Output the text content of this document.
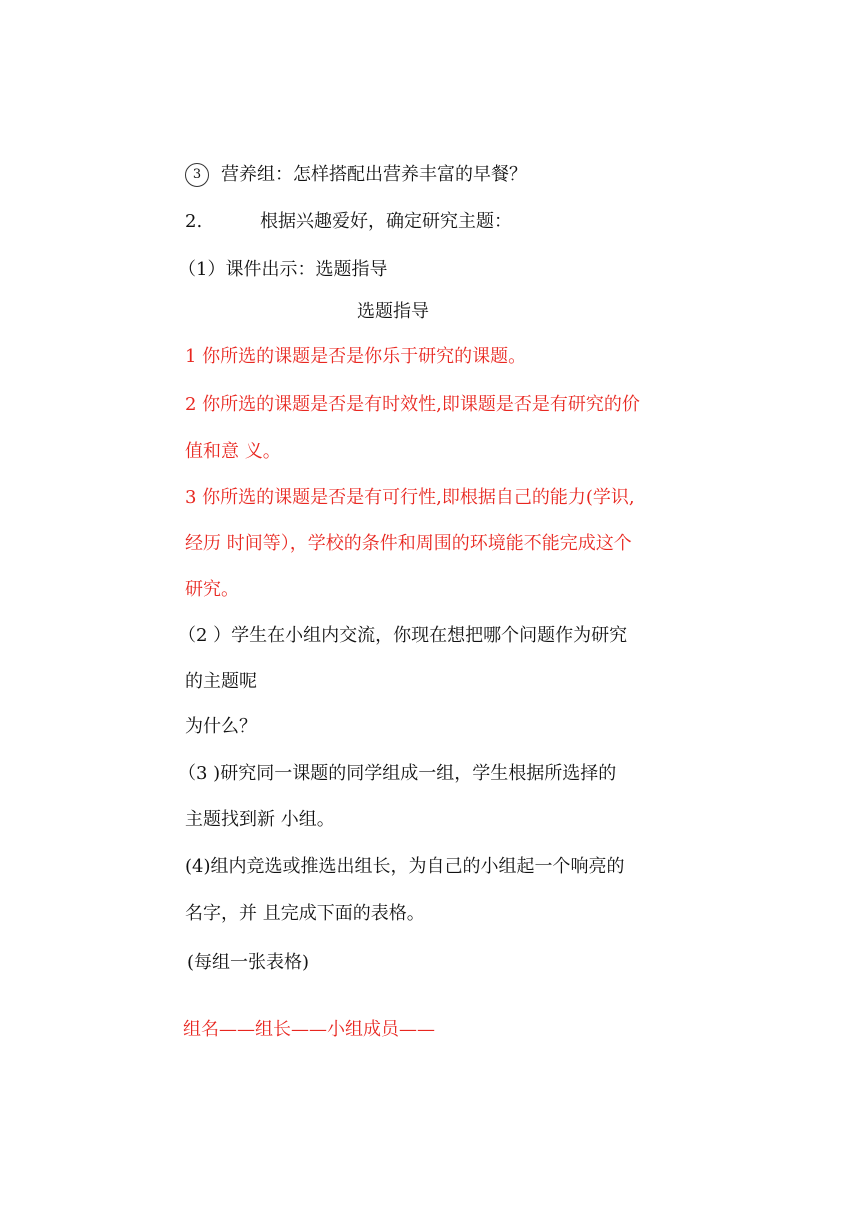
3 营养组：怎样搭配出营养丰富的早餐？
2.	根据兴趣爱好，确定研究主题：
（1）课件出示：选题指导
选题指导
1 你所选的课题是否是你乐于研究的课题。
2 你所选的课题是否是有时效性,即课题是否是有研究的价
值和意 义。
3 你所选的课题是否是有可行性,即根据自己的能力(学识,
经历 时间等），学校的条件和周围的环境能不能完成这个
研究。
（2 ）学生在小组内交流，你现在想把哪个问题作为研究
的主题呢
为什么？
（3 )研究同一课题的同学组成一组，学生根据所选择的
主题找到新 小组。
(4)组内竞选或推选出组长，为自己的小组起一个响亮的
名字，并 且完成下面的表格。
(每组一张表格)
组名——组长——小组成员——
